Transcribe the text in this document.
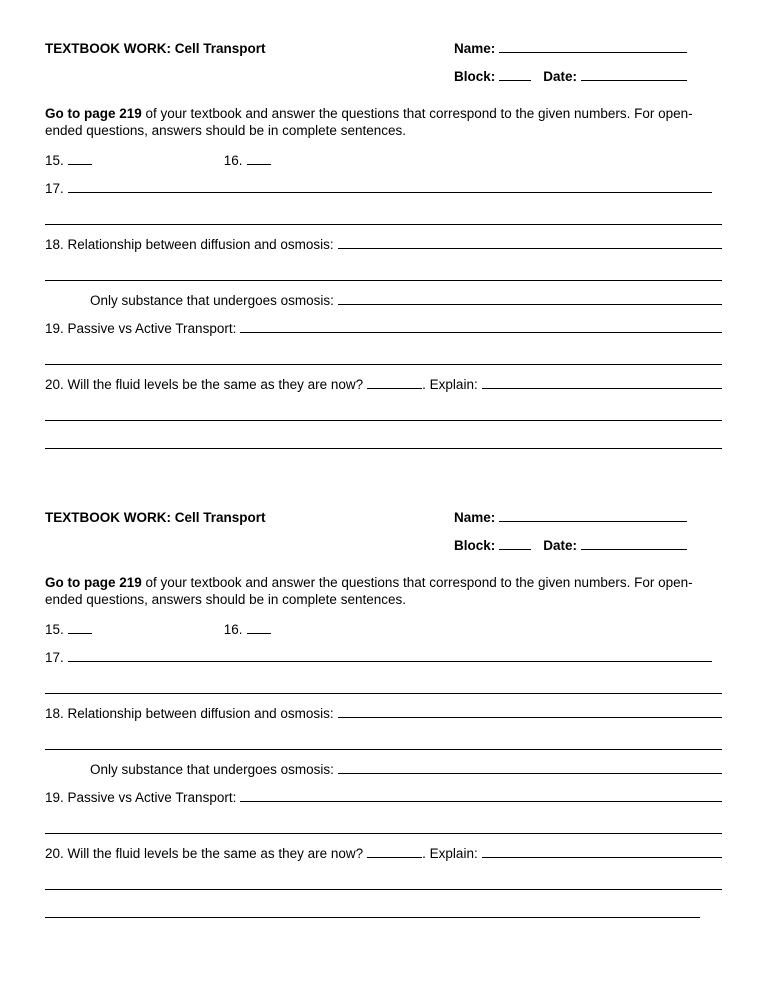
TEXTBOOK WORK: Cell Transport	Name:
Block:	Date:

Go to page 219 of your textbook and answer the questions that correspond to the given numbers. For open-ended questions, answers should be in complete sentences.

15.	16.
17.
18. Relationship between diffusion and osmosis:
Only substance that undergoes osmosis:
19. Passive vs Active Transport:
20. Will the fluid levels be the same as they are now?	. Explain:
TEXTBOOK WORK: Cell Transport	Name:
Block:	Date:

Go to page 219 of your textbook and answer the questions that correspond to the given numbers. For open-ended questions, answers should be in complete sentences.

15.	16.
17.
18. Relationship between diffusion and osmosis:
Only substance that undergoes osmosis:
19. Passive vs Active Transport:
20. Will the fluid levels be the same as they are now?	. Explain:
